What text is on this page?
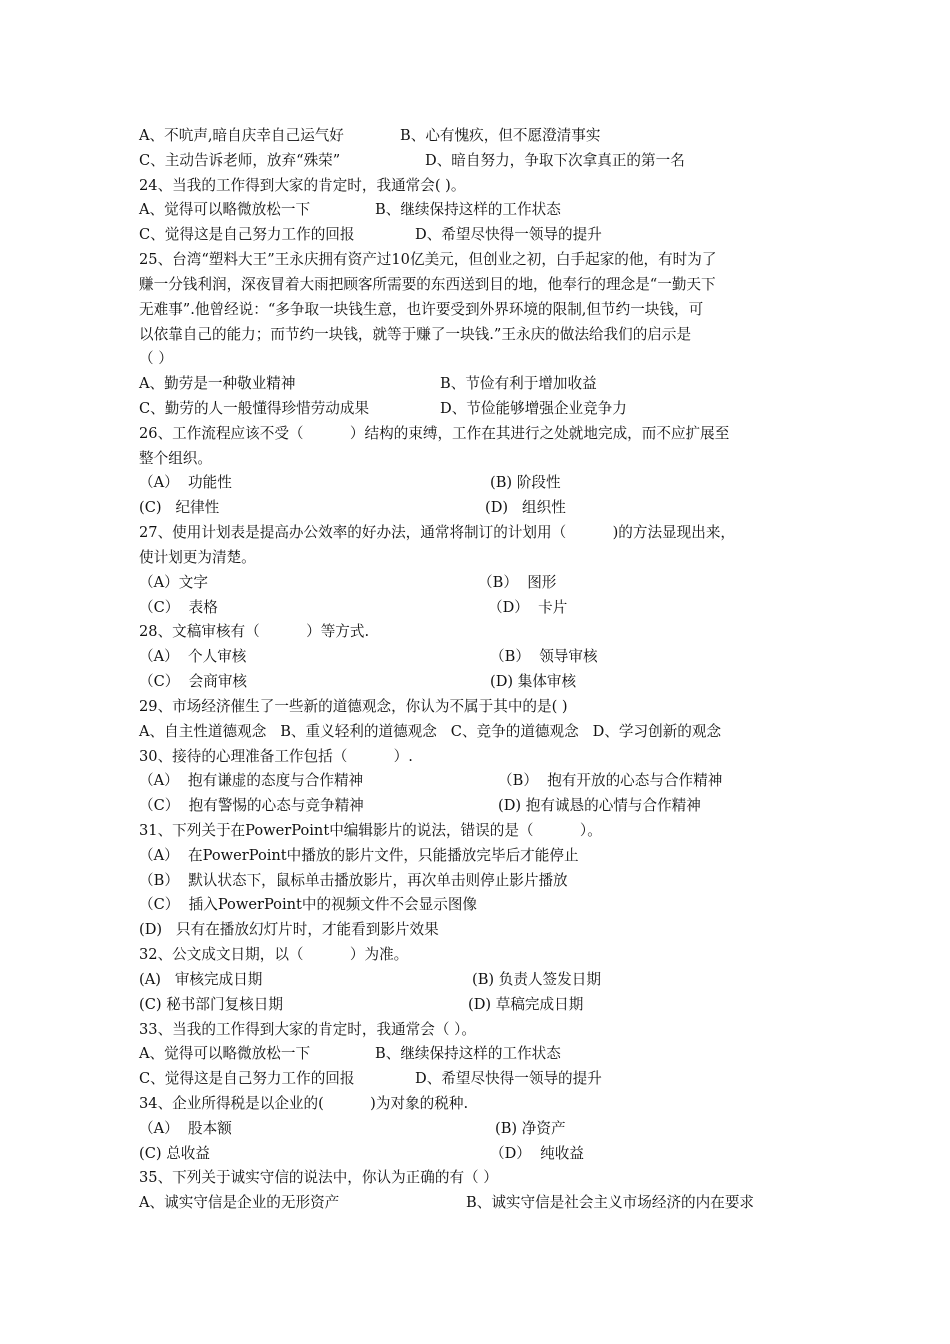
A、不吭声,暗自庆幸自己运气好	B、心有愧疚，但不愿澄清事实
C、主动告诉老师，放弃“殊荣”	D、暗自努力，争取下次拿真正的第一名
24、当我的工作得到大家的肯定时，我通常会( )。
A、觉得可以略微放松一下	B、继续保持这样的工作状态
C、觉得这是自己努力工作的回报	D、希望尽快得一领导的提升
25、台湾“塑料大王”王永庆拥有资产过10亿美元，但创业之初，白手起家的他，有时为了
赚一分钱利润，深夜冒着大雨把顾客所需要的东西送到目的地，他奉行的理念是“一勤天下
无难事”.他曾经说：“多争取一块钱生意，也许要受到外界环境的限制,但节约一块钱，可
以依靠自己的能力；而节约一块钱，就等于赚了一块钱.”王永庆的做法给我们的启示是
（ ）
A、勤劳是一种敬业精神	B、节俭有利于增加收益
C、勤劳的人一般懂得珍惜劳动成果	D、节俭能够增强企业竞争力
26、工作流程应该不受（          ）结构的束缚，工作在其进行之处就地完成，而不应扩展至
整个组织。
（A）  功能性	(B) 阶段性
(C)   纪律性	(D)   组织性
27、使用计划表是提高办公效率的好办法，通常将制订的计划用（          )的方法显现出来，
使计划更为清楚。
（A）文字	（B）  图形
（C）  表格	（D）  卡片
28、文稿审核有（          ）等方式.
（A）  个人审核	（B）  领导审核
（C）  会商审核	(D) 集体审核
29、市场经济催生了一些新的道德观念，你认为不属于其中的是( )
A、自主性道德观念   B、重义轻利的道德观念   C、竞争的道德观念   D、学习创新的观念
30、接待的心理准备工作包括（          ）.
（A）  抱有谦虚的态度与合作精神	（B）  抱有开放的心态与合作精神
（C）  抱有警惕的心态与竞争精神	(D) 抱有诚恳的心情与合作精神
31、下列关于在PowerPoint中编辑影片的说法，错误的是（          ）。
（A）  在PowerPoint中播放的影片文件，只能播放完毕后才能停止
（B）  默认状态下，鼠标单击播放影片，再次单击则停止影片播放
（C）  插入PowerPoint中的视频文件不会显示图像
(D)   只有在播放幻灯片时，才能看到影片效果
32、公文成文日期，以（          ）为准。
(A)   审核完成日期	(B) 负责人签发日期
(C) 秘书部门复核日期	(D) 草稿完成日期
33、当我的工作得到大家的肯定时，我通常会（ ）。
A、觉得可以略微放松一下	B、继续保持这样的工作状态
C、觉得这是自己努力工作的回报	D、希望尽快得一领导的提升
34、企业所得税是以企业的(          )为对象的税种.
（A）  股本额	(B) 净资产
(C) 总收益	（D）  纯收益
35、下列关于诚实守信的说法中，你认为正确的有（ ）
A、诚实守信是企业的无形资产	B、诚实守信是社会主义市场经济的内在要求
